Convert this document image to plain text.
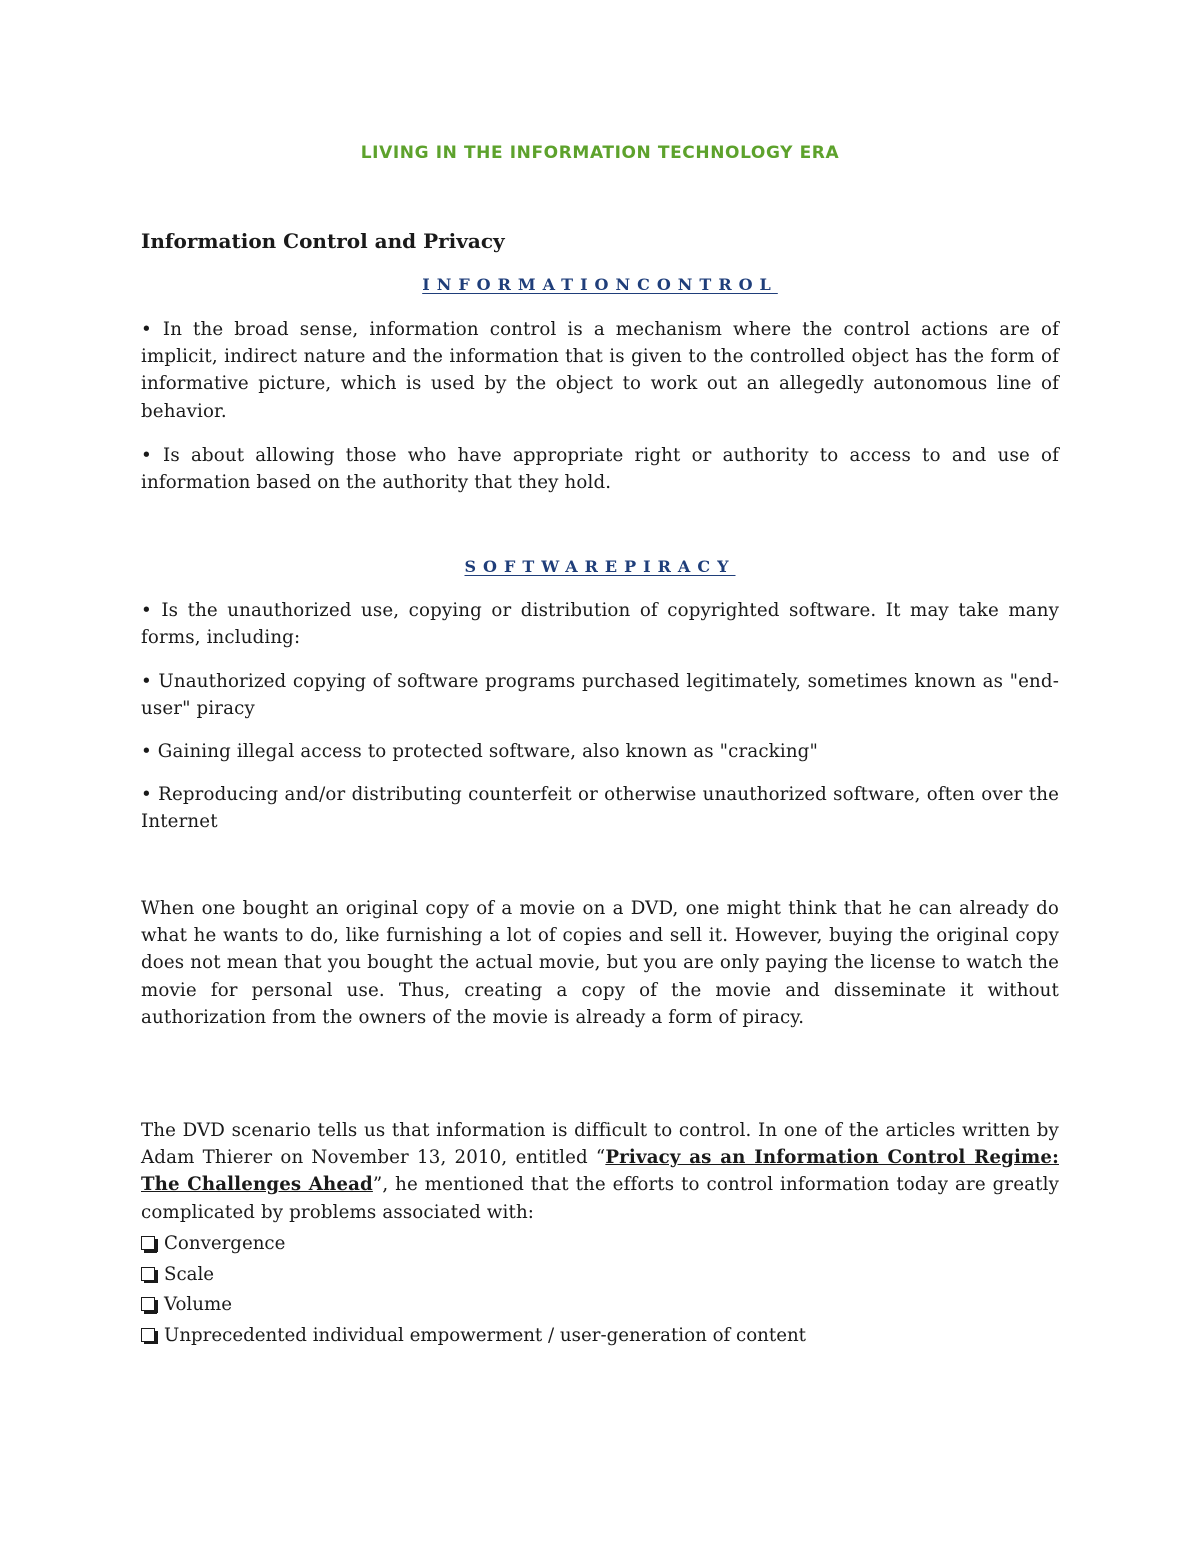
LIVING IN THE INFORMATION TECHNOLOGY ERA
Information Control and Privacy
INFORMATIONCONTROL

• In the broad sense, information control is a mechanism where the control actions are of implicit, indirect nature and the information that is given to the controlled object has the form of informative picture, which is used by the object to work out an allegedly autonomous line of behavior.

• Is about allowing those who have appropriate right or authority to access to and use of information based on the authority that they hold.

SOFTWAREPIRACY

• Is the unauthorized use, copying or distribution of copyrighted software. It may take many forms, including:

• Unauthorized copying of software programs purchased legitimately, sometimes known as "end-user" piracy

• Gaining illegal access to protected software, also known as "cracking"

• Reproducing and/or distributing counterfeit or otherwise unauthorized software, often over the Internet

When one bought an original copy of a movie on a DVD, one might think that he can already do what he wants to do, like furnishing a lot of copies and sell it. However, buying the original copy does not mean that you bought the actual movie, but you are only paying the license to watch the movie for personal use. Thus, creating a copy of the movie and disseminate it without authorization from the owners of the movie is already a form of piracy.

The DVD scenario tells us that information is difficult to control. In one of the articles written by Adam Thierer on November 13, 2010, entitled “Privacy as an Information Control Regime: The Challenges Ahead”, he mentioned that the efforts to control information today are greatly complicated by problems associated with:

Convergence
Scale
Volume
Unprecedented individual empowerment / user-generation of content
